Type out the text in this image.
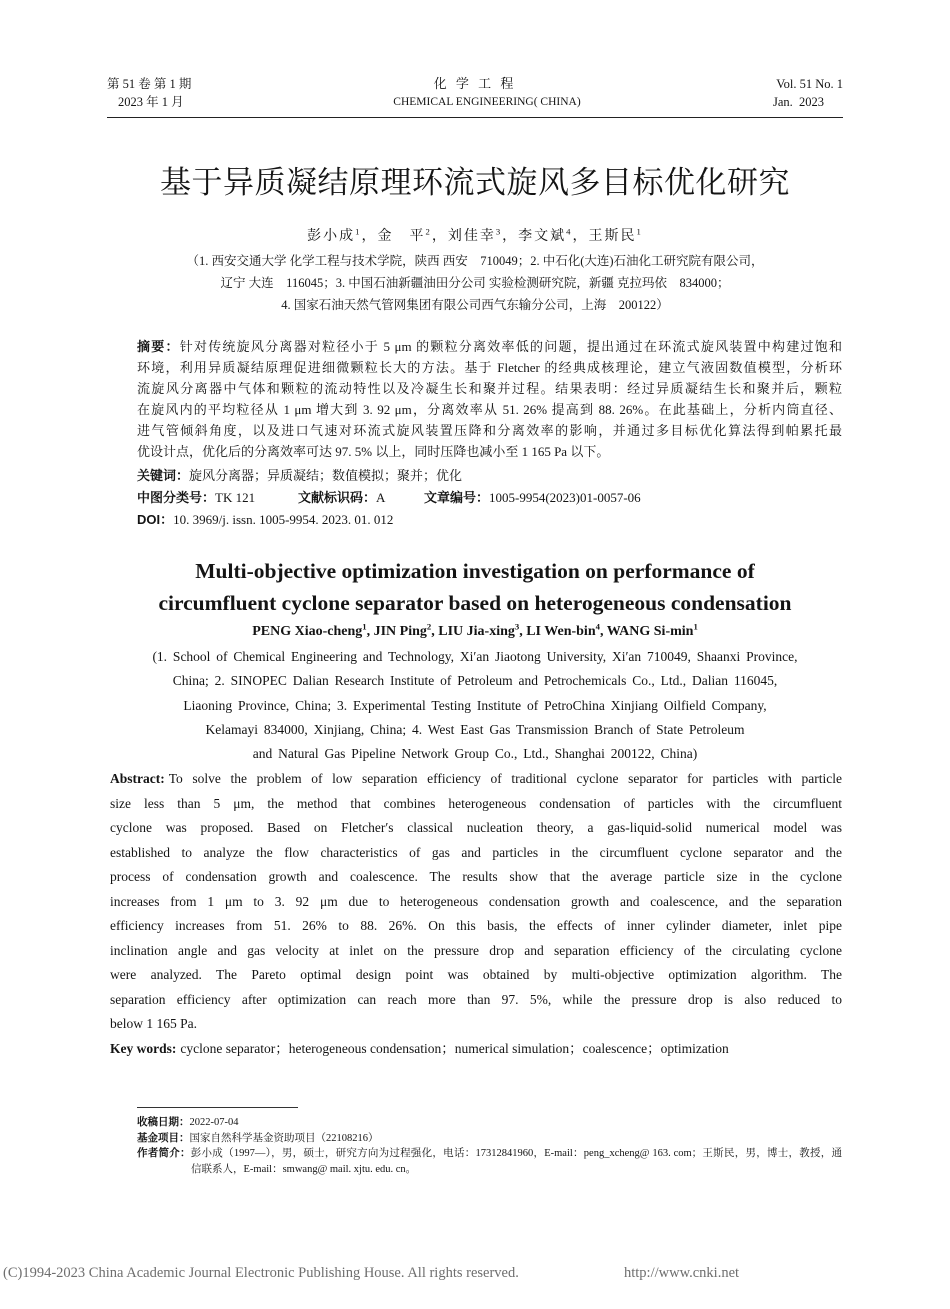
第 51 卷 第 1 期
2023 年 1 月
化 学 工 程
CHEMICAL ENGINEERING( CHINA)
Vol. 51 No. 1
Jan.  2023
基于异质凝结原理环流式旋风多目标优化研究
彭小成$^1$，金　平$^2$，刘佳幸$^3$，李文斌$^4$，王斯民$^1$
（1. 西安交通大学 化学工程与技术学院，陕西 西安　710049；2. 中石化(大连)石油化工研究院有限公司，
辽宁 大连　116045；3. 中国石油新疆油田分公司 实验检测研究院，新疆 克拉玛依　834000；
4. 国家石油天然气管网集团有限公司西气东输分公司，上海　200122）
摘要：针对传统旋风分离器对粒径小于 5 μm 的颗粒分离效率低的问题，提出通过在环流式旋风装置中构建过饱和
环境，利用异质凝结原理促进细微颗粒长大的方法。基于 Fletcher 的经典成核理论，建立气液固数值模型，分析环
流旋风分离器中气体和颗粒的流动特性以及冷凝生长和聚并过程。结果表明：经过异质凝结生长和聚并后，颗粒
在旋风内的平均粒径从 1 μm 增大到 3. 92 μm，分离效率从 51. 26% 提高到 88. 26%。在此基础上，分析内筒直径、
进气管倾斜角度，以及进口气速对环流式旋风装置压降和分离效率的影响，并通过多目标优化算法得到帕累托最
优设计点，优化后的分离效率可达 97. 5% 以上，同时压降也减小至 1 165 Pa 以下。
关键词：旋风分离器；异质凝结；数值模拟；聚并；优化
中图分类号：TK 121	文献标识码：A	文章编号：1005-9954(2023)01-0057-06
DOI：10. 3969/j. issn. 1005-9954. 2023. 01. 012
Multi-objective optimization investigation on performance of
circumfluent cyclone separator based on heterogeneous condensation
PENG Xiao-cheng$^1$, JIN Ping$^2$, LIU Jia-xing$^3$, LI Wen-bin$^4$, WANG $Si-\min^1$
(1. School of Chemical Engineering and Technology, Xi′an Jiaotong University, Xi′an 710049, Shaanxi Province,
China; 2. SINOPEC Dalian Research Institute of Petroleum and Petrochemicals Co., Ltd., Dalian 116045,
Liaoning Province, China; 3. Experimental Testing Institute of PetroChina Xinjiang Oilfield Company,
Kelamayi 834000, Xinjiang, China; 4. West East Gas Transmission Branch of State Petroleum
and Natural Gas Pipeline Network Group Co., Ltd., Shanghai 200122, China)
Abstract: To solve the problem of low separation efficiency of traditional cyclone separator for particles with particle
size less than 5 μm, the method that combines heterogeneous condensation of particles with the circumfluent
cyclone was proposed. Based on Fletcher′s classical nucleation theory, a gas-liquid-solid numerical model was
established to analyze the flow characteristics of gas and particles in the circumfluent cyclone separator and the
process of condensation growth and coalescence. The results show that the average particle size in the cyclone
increases from 1 μm to 3. 92 μm due to heterogeneous condensation growth and coalescence, and the separation
efficiency increases from 51. 26% to 88. 26%. On this basis, the effects of inner cylinder diameter, inlet pipe
inclination angle and gas velocity at inlet on the pressure drop and separation efficiency of the circulating cyclone
were analyzed. The Pareto optimal design point was obtained by multi-objective optimization algorithm. The
separation efficiency after optimization can reach more than 97. 5%, while the pressure drop is also reduced to
below 1 165 Pa.
Key words: cyclone separator；heterogeneous condensation；numerical simulation；coalescence；optimization
收稿日期：2022-07-04
基金项目：国家自然科学基金资助项目（22108216）
作者简介：彭小成（1997—），男，硕士，研究方向为过程强化，电话：17312841960，E-mail：peng_xcheng@ 163. com；王斯民，男，博士，教授，通
信联系人，E-mail：smwang@ mail. xjtu. edu. cn。
(C)1994-2023 China Academic Journal Electronic Publishing House. All rights reserved.	http://www.cnki.net
